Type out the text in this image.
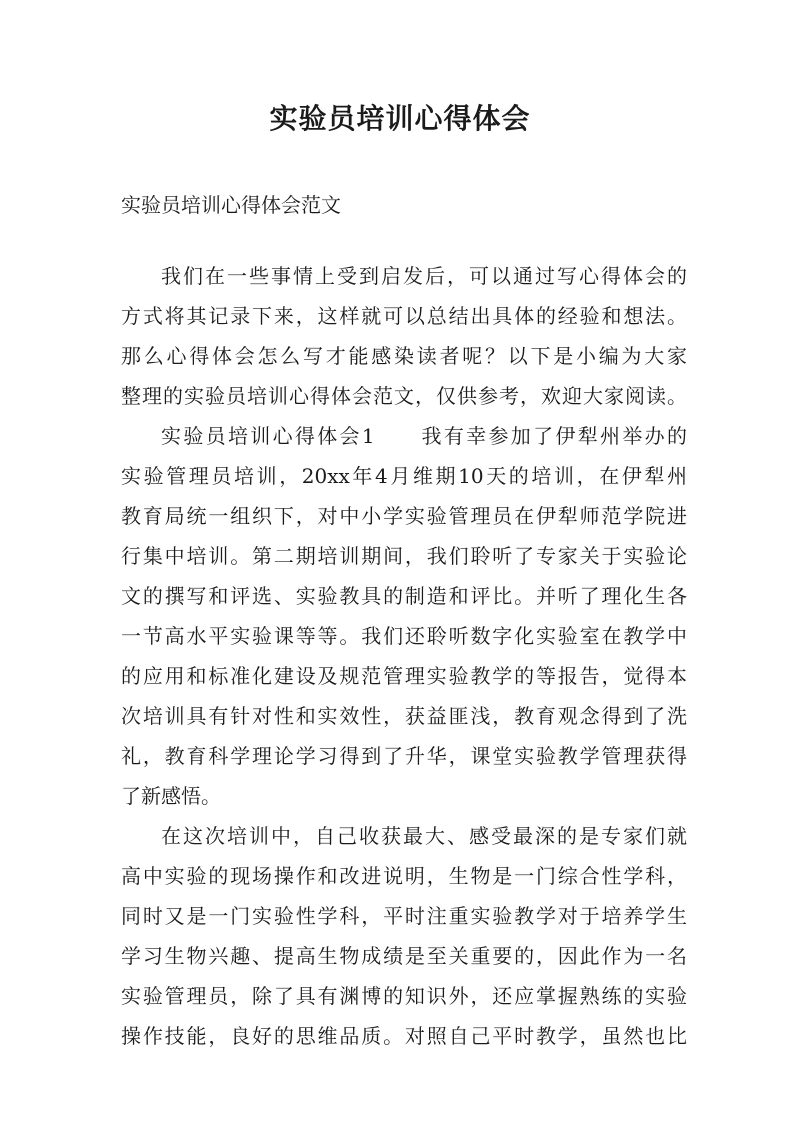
实验员培训心得体会

实验员培训心得体会范文

我们在一些事情上受到启发后，可以通过写心得体会的

方式将其记录下来，这样就可以总结出具体的经验和想法。

那么心得体会怎么写才能感染读者呢？以下是小编为大家

整理的实验员培训心得体会范文，仅供参考，欢迎大家阅读。

实验员培训心得体会1　　我有幸参加了伊犁州举办的

实验管理员培训，20xx年4月维期10天的培训，在伊犁州

教育局统一组织下，对中小学实验管理员在伊犁师范学院进

行集中培训。第二期培训期间，我们聆听了专家关于实验论

文的撰写和评选、实验教具的制造和评比。并听了理化生各

一节高水平实验课等等。我们还聆听数字化实验室在教学中

的应用和标准化建设及规范管理实验教学的等报告，觉得本

次培训具有针对性和实效性，获益匪浅，教育观念得到了洗

礼，教育科学理论学习得到了升华，课堂实验教学管理获得

了新感悟。

在这次培训中，自己收获最大、感受最深的是专家们就

高中实验的现场操作和改进说明，生物是一门综合性学科，

同时又是一门实验性学科，平时注重实验教学对于培养学生

学习生物兴趣、提高生物成绩是至关重要的，因此作为一名

实验管理员，除了具有渊博的知识外，还应掌握熟练的实验

操作技能，良好的思维品质。对照自己平时教学，虽然也比
